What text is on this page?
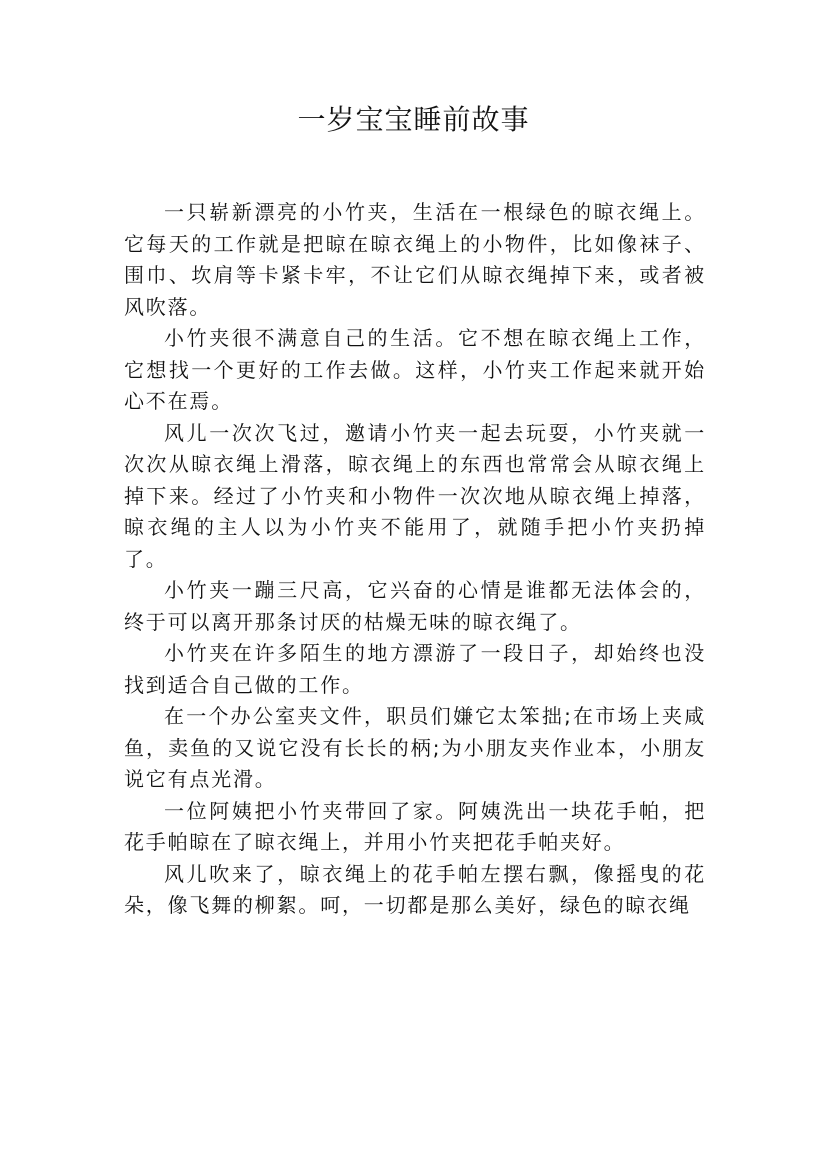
一岁宝宝睡前故事

一只崭新漂亮的小竹夹，生活在一根绿色的晾衣绳上。它每天的工作就是把晾在晾衣绳上的小物件，比如像袜子、围巾、坎肩等卡紧卡牢，不让它们从晾衣绳掉下来，或者被风吹落。

小竹夹很不满意自己的生活。它不想在晾衣绳上工作，它想找一个更好的工作去做。这样，小竹夹工作起来就开始心不在焉。

风儿一次次飞过，邀请小竹夹一起去玩耍，小竹夹就一次次从晾衣绳上滑落，晾衣绳上的东西也常常会从晾衣绳上掉下来。经过了小竹夹和小物件一次次地从晾衣绳上掉落，晾衣绳的主人以为小竹夹不能用了，就随手把小竹夹扔掉了。

小竹夹一蹦三尺高，它兴奋的心情是谁都无法体会的，终于可以离开那条讨厌的枯燥无味的晾衣绳了。

小竹夹在许多陌生的地方漂游了一段日子，却始终也没找到适合自己做的工作。

在一个办公室夹文件，职员们嫌它太笨拙;在市场上夹咸鱼，卖鱼的又说它没有长长的柄;为小朋友夹作业本，小朋友说它有点光滑。

一位阿姨把小竹夹带回了家。阿姨洗出一块花手帕，把花手帕晾在了晾衣绳上，并用小竹夹把花手帕夹好。

风儿吹来了，晾衣绳上的花手帕左摆右飘，像摇曳的花朵，像飞舞的柳絮。呵，一切都是那么美好，绿色的晾衣绳
